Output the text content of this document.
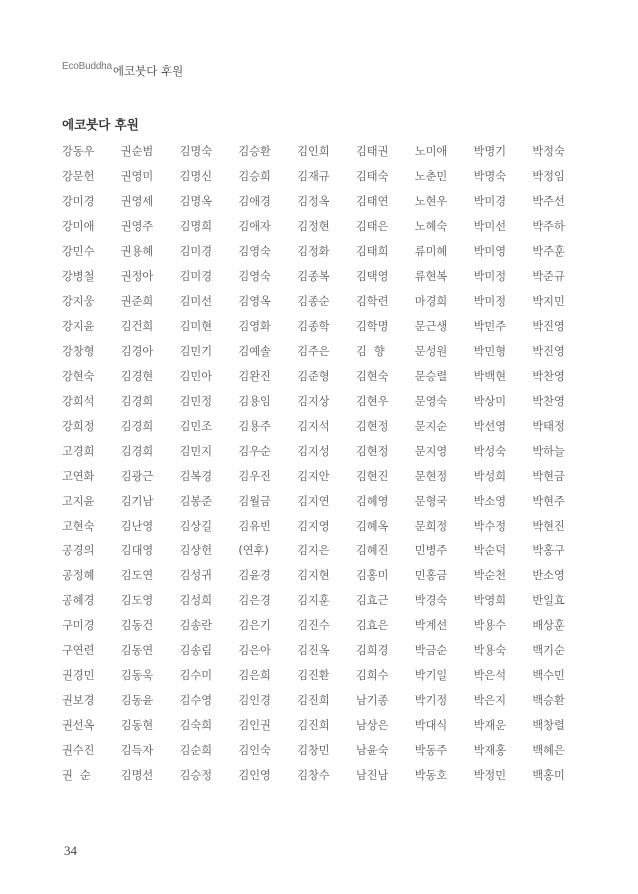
EcoBuddha$_{에코붓다 후원}$
에코붓다 후원
강동우	권순범	김명숙	김승환	김인희	김태권	노미애	박명기	박정숙
강문헌	권영미	김명신	김승희	김재규	김태숙	노춘민	박명숙	박정임
강미경	권영세	김명옥	김애경	김정옥	김태연	노현우	박미경	박주선
강미애	권영주	김명희	김애자	김정현	김태은	노혜숙	박미선	박주하
강민수	권용혜	김미경	김영숙	김정화	김태희	류미혜	박미영	박주훈
강병철	권정아	김미경	김영숙	김종복	김택영	류현복	박미정	박준규
강지웅	권준희	김미선	김영옥	김종순	김학련	마경희	박미정	박지민
강지윤	김건희	김미현	김영화	김종학	김학명	문근생	박민주	박진영
강창형	김경아	김민기	김예솔	김주은	김  향	문성원	박민형	박진영
강현숙	김경현	김민아	김완진	김준형	김현숙	문승렬	박백현	박찬영
강희석	김경희	김민정	김용임	김지상	김현우	문영숙	박상미	박찬영
강희정	김경희	김민조	김용주	김지석	김현정	문지순	박선영	박태정
고경희	김경희	김민지	김우순	김지성	김현정	문지영	박성숙	박하늘
고연화	김광근	김복경	김우진	김지안	김현진	문현정	박성희	박현금
고지윤	김기남	김봉준	김월금	김지연	김혜영	문형국	박소영	박현주
고현숙	김난영	김상길	김유빈	김지영	김혜옥	문희정	박수정	박현진
공경의	김대영	김상헌	(연후)	김지은	김혜진	민병주	박순덕	박홍구
공정혜	김도연	김성귀	김윤경	김지현	김홍미	민홍금	박순천	반소영
공혜경	김도영	김성희	김은경	김지훈	김효근	박경숙	박영희	반일효
구미경	김동건	김송란	김은기	김진수	김효은	박계선	박용수	배상훈
구연련	김동연	김송림	김은아	김진옥	김희경	박금순	박용숙	백기순
권경민	김동욱	김수미	김은희	김진환	김희수	박기일	박은석	백수민
권보경	김동윤	김수영	김인경	김진희	남기종	박기정	박은지	백승환
권선옥	김동현	김숙희	김인권	김진희	남상은	박대식	박재운	백창렬
권수진	김득자	김순희	김인숙	김창민	남윤숙	박동주	박재홍	백혜은
권  순	김명선	김승정	김인영	김창수	남진남	박동호	박정민	백홍미
34
